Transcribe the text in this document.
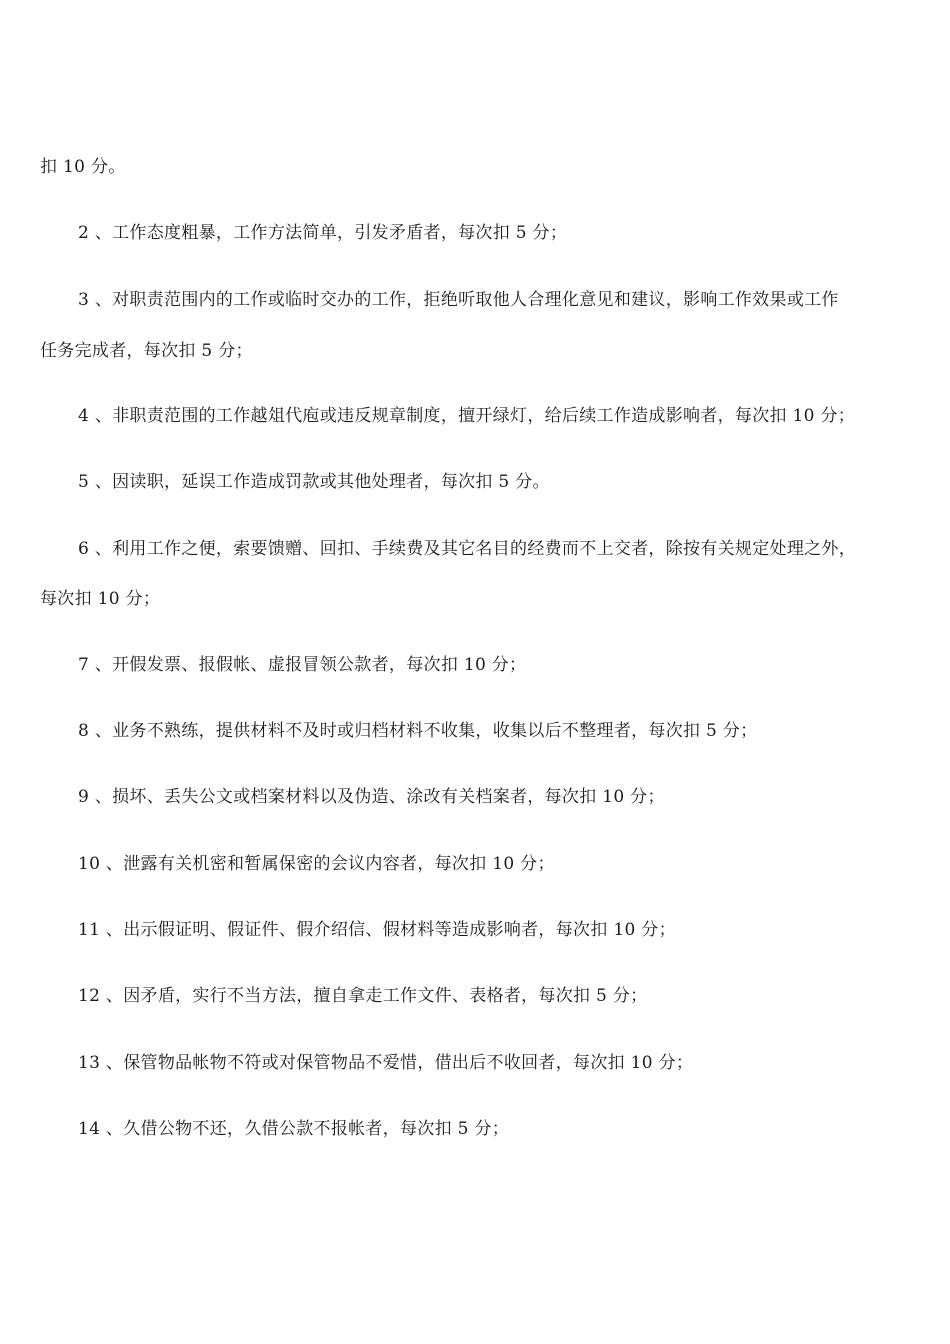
扣 10 分。
2 、工作态度粗暴，工作方法简单，引发矛盾者，每次扣 5 分；
3 、对职责范围内的工作或临时交办的工作，拒绝听取他人合理化意见和建议，影响工作效果或工作
任务完成者，每次扣 5 分；
4 、非职责范围的工作越俎代庖或违反规章制度，擅开绿灯，给后续工作造成影响者，每次扣 10 分；
5 、因读职，延误工作造成罚款或其他处理者，每次扣 5 分。
6 、利用工作之便，索要馈赠、回扣、手续费及其它名目的经费而不上交者，除按有关规定处理之外，
每次扣 10 分；
7 、开假发票、报假帐、虚报冒领公款者，每次扣 10 分；
8 、业务不熟练，提供材料不及时或归档材料不收集，收集以后不整理者，每次扣 5 分；
9 、损坏、丢失公文或档案材料以及伪造、涂改有关档案者，每次扣 10 分；
10 、泄露有关机密和暂属保密的会议内容者，每次扣 10 分；
11 、出示假证明、假证件、假介绍信、假材料等造成影响者，每次扣 10 分；
12 、因矛盾，实行不当方法，擅自拿走工作文件、表格者，每次扣 5 分；
13 、保管物品帐物不符或对保管物品不爱惜，借出后不收回者，每次扣 10 分；
14 、久借公物不还，久借公款不报帐者，每次扣 5 分；
